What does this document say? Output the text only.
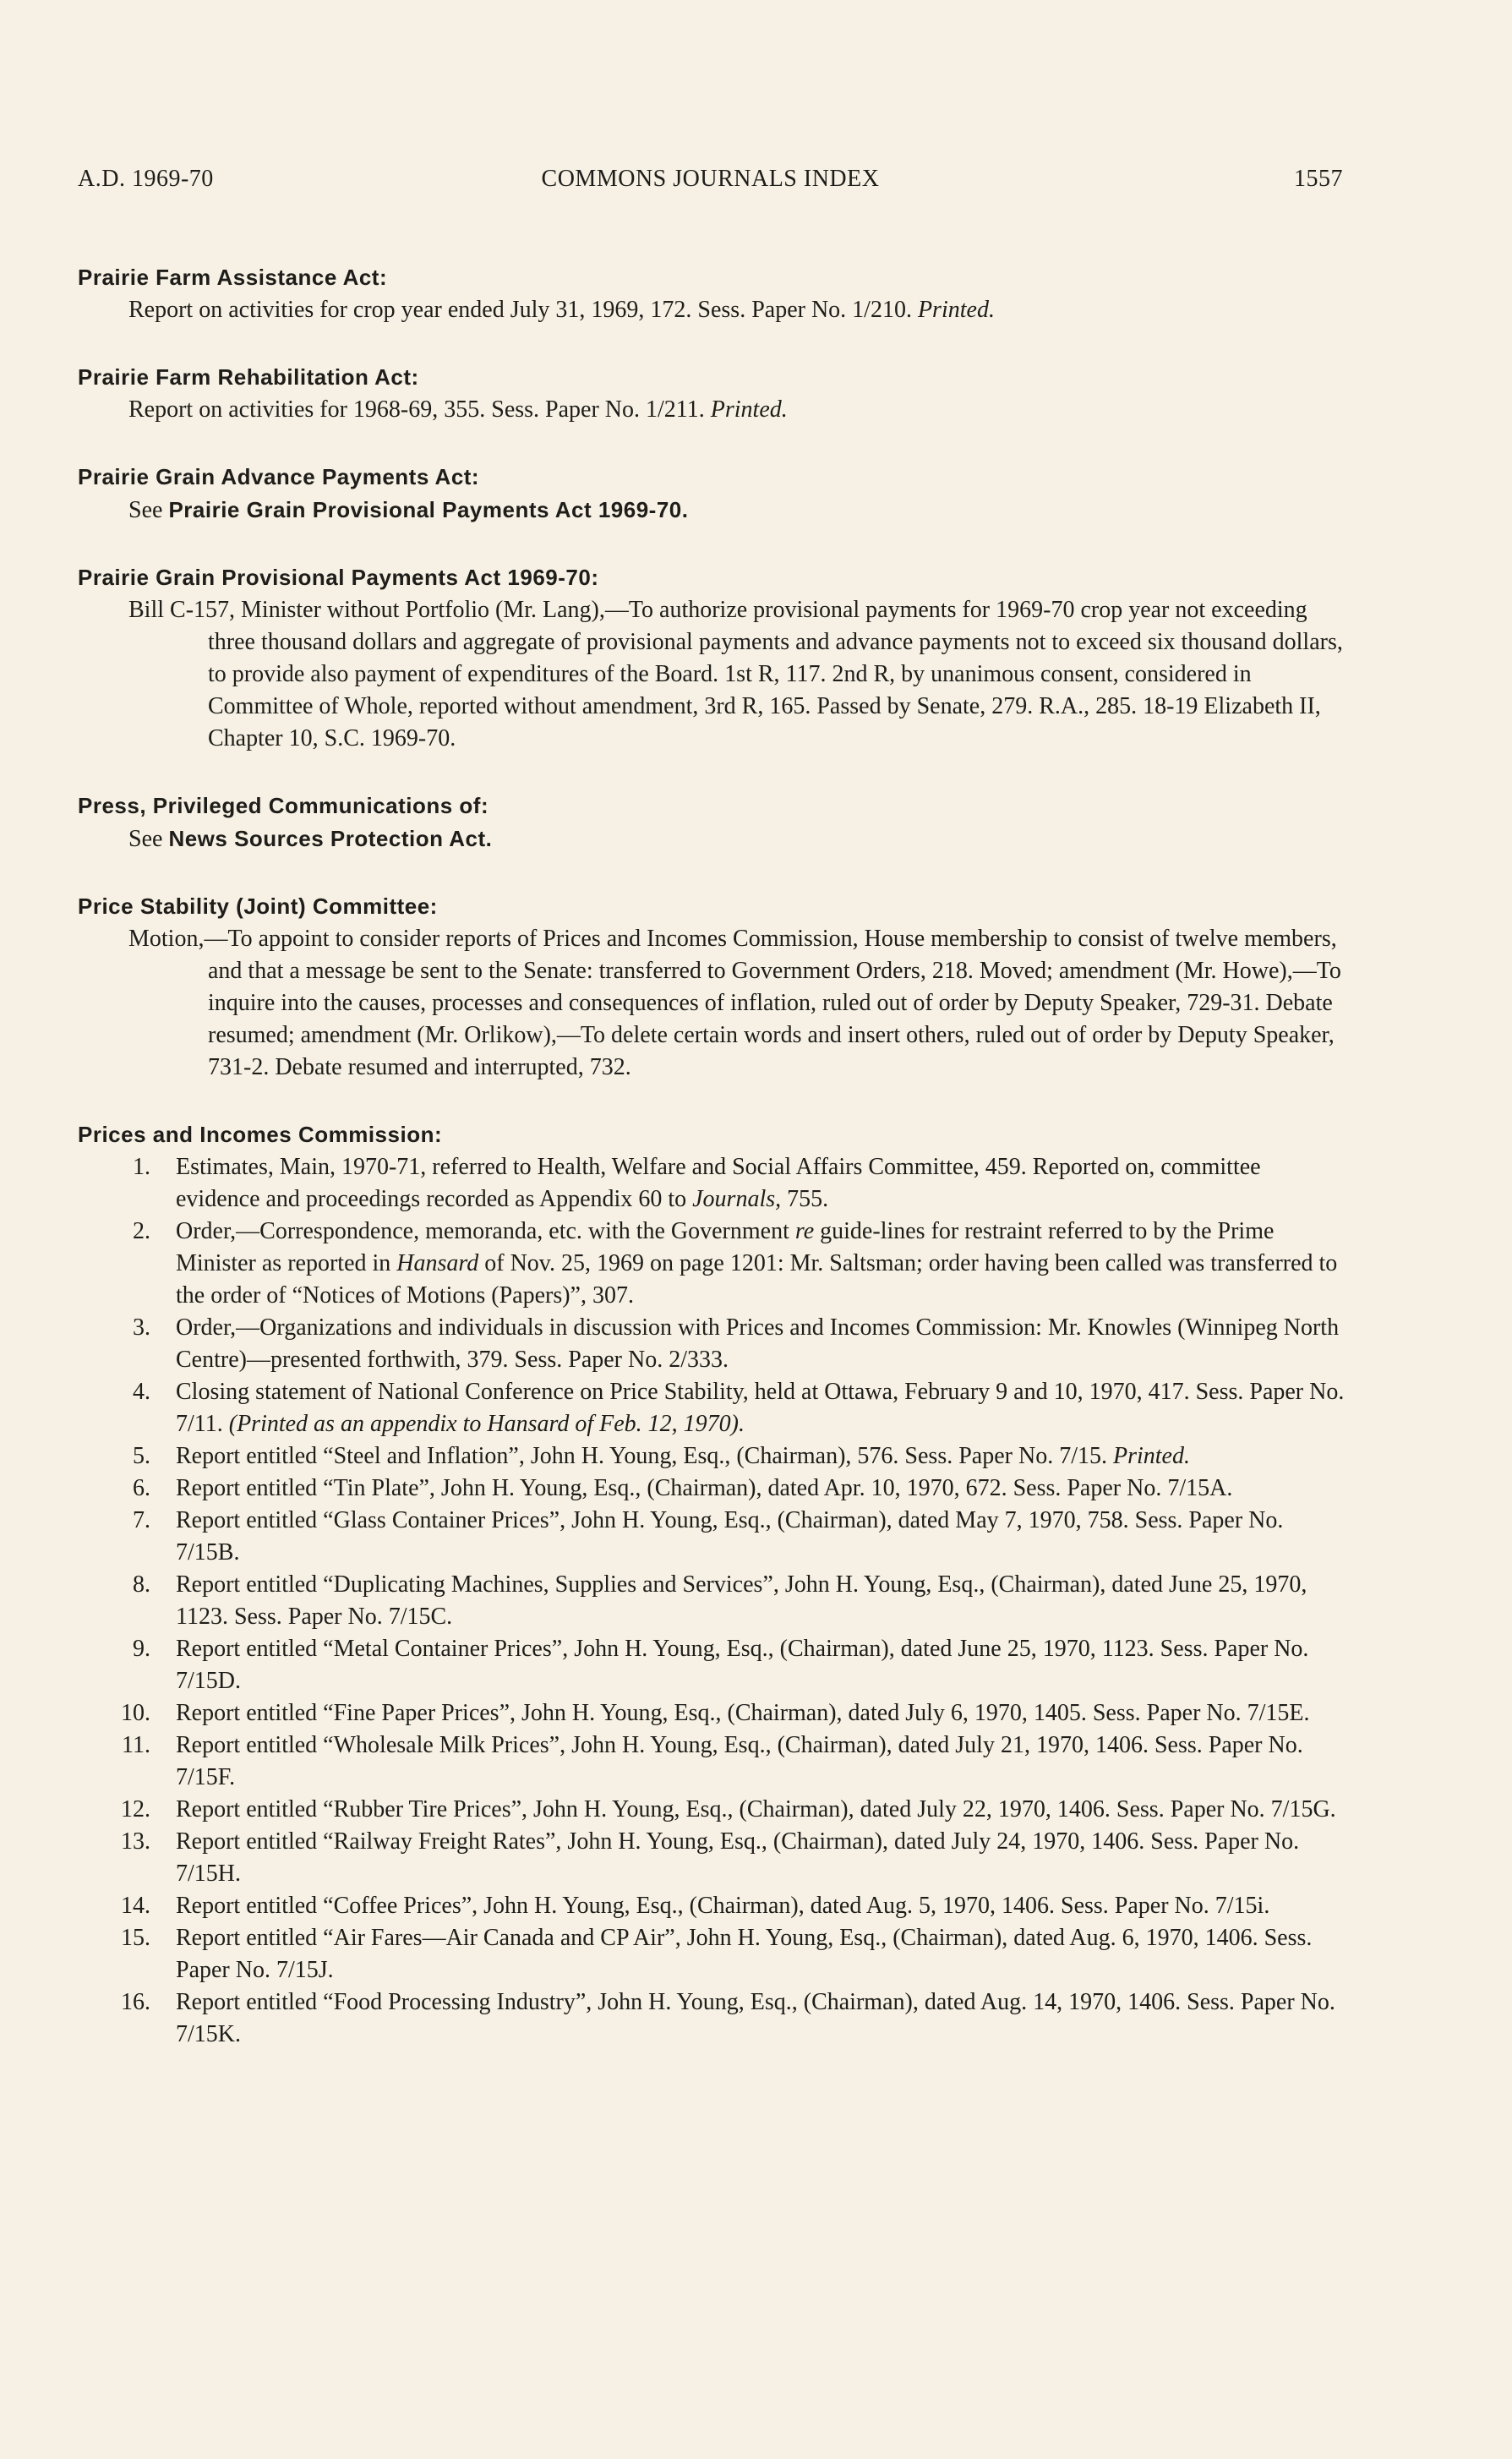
A.D. 1969-70	COMMONS JOURNALS INDEX	1557
Prairie Farm Assistance Act:
Report on activities for crop year ended July 31, 1969, 172. Sess. Paper No. 1/210. Printed.
Prairie Farm Rehabilitation Act:
Report on activities for 1968-69, 355. Sess. Paper No. 1/211. Printed.
Prairie Grain Advance Payments Act:
See Prairie Grain Provisional Payments Act 1969-70.
Prairie Grain Provisional Payments Act 1969-70:
Bill C-157, Minister without Portfolio (Mr. Lang),—To authorize provisional payments for 1969-70 crop year not exceeding three thousand dollars and aggregate of provisional payments and advance payments not to exceed six thousand dollars, to provide also payment of expenditures of the Board. 1st R, 117. 2nd R, by unanimous consent, considered in Committee of Whole, reported without amendment, 3rd R, 165. Passed by Senate, 279. R.A., 285. 18-19 Elizabeth II, Chapter 10, S.C. 1969-70.
Press, Privileged Communications of:
See News Sources Protection Act.
Price Stability (Joint) Committee:
Motion,—To appoint to consider reports of Prices and Incomes Commission, House membership to consist of twelve members, and that a message be sent to the Senate: transferred to Government Orders, 218. Moved; amendment (Mr. Howe),—To inquire into the causes, processes and consequences of inflation, ruled out of order by Deputy Speaker, 729-31. Debate resumed; amendment (Mr. Orlikow),—To delete certain words and insert others, ruled out of order by Deputy Speaker, 731-2. Debate resumed and interrupted, 732.
Prices and Incomes Commission:
1. Estimates, Main, 1970-71, referred to Health, Welfare and Social Affairs Committee, 459. Reported on, committee evidence and proceedings recorded as Appendix 60 to Journals, 755.
2. Order,—Correspondence, memoranda, etc. with the Government re guide-lines for restraint referred to by the Prime Minister as reported in Hansard of Nov. 25, 1969 on page 1201: Mr. Saltsman; order having been called was transferred to the order of “Notices of Motions (Papers)”, 307.
3. Order,—Organizations and individuals in discussion with Prices and Incomes Commission: Mr. Knowles (Winnipeg North Centre)—presented forthwith, 379. Sess. Paper No. 2/333.
4. Closing statement of National Conference on Price Stability, held at Ottawa, February 9 and 10, 1970, 417. Sess. Paper No. 7/11. (Printed as an appendix to Hansard of Feb. 12, 1970).
5. Report entitled “Steel and Inflation”, John H. Young, Esq., (Chairman), 576. Sess. Paper No. 7/15. Printed.
6. Report entitled “Tin Plate”, John H. Young, Esq., (Chairman), dated Apr. 10, 1970, 672. Sess. Paper No. 7/15A.
7. Report entitled “Glass Container Prices”, John H. Young, Esq., (Chairman), dated May 7, 1970, 758. Sess. Paper No. 7/15B.
8. Report entitled “Duplicating Machines, Supplies and Services”, John H. Young, Esq., (Chairman), dated June 25, 1970, 1123. Sess. Paper No. 7/15C.
9. Report entitled “Metal Container Prices”, John H. Young, Esq., (Chairman), dated June 25, 1970, 1123. Sess. Paper No. 7/15D.
10. Report entitled “Fine Paper Prices”, John H. Young, Esq., (Chairman), dated July 6, 1970, 1405. Sess. Paper No. 7/15E.
11. Report entitled “Wholesale Milk Prices”, John H. Young, Esq., (Chairman), dated July 21, 1970, 1406. Sess. Paper No. 7/15F.
12. Report entitled “Rubber Tire Prices”, John H. Young, Esq., (Chairman), dated July 22, 1970, 1406. Sess. Paper No. 7/15G.
13. Report entitled “Railway Freight Rates”, John H. Young, Esq., (Chairman), dated July 24, 1970, 1406. Sess. Paper No. 7/15H.
14. Report entitled “Coffee Prices”, John H. Young, Esq., (Chairman), dated Aug. 5, 1970, 1406. Sess. Paper No. 7/15i.
15. Report entitled “Air Fares—Air Canada and CP Air”, John H. Young, Esq., (Chairman), dated Aug. 6, 1970, 1406. Sess. Paper No. 7/15J.
16. Report entitled “Food Processing Industry”, John H. Young, Esq., (Chairman), dated Aug. 14, 1970, 1406. Sess. Paper No. 7/15K.
